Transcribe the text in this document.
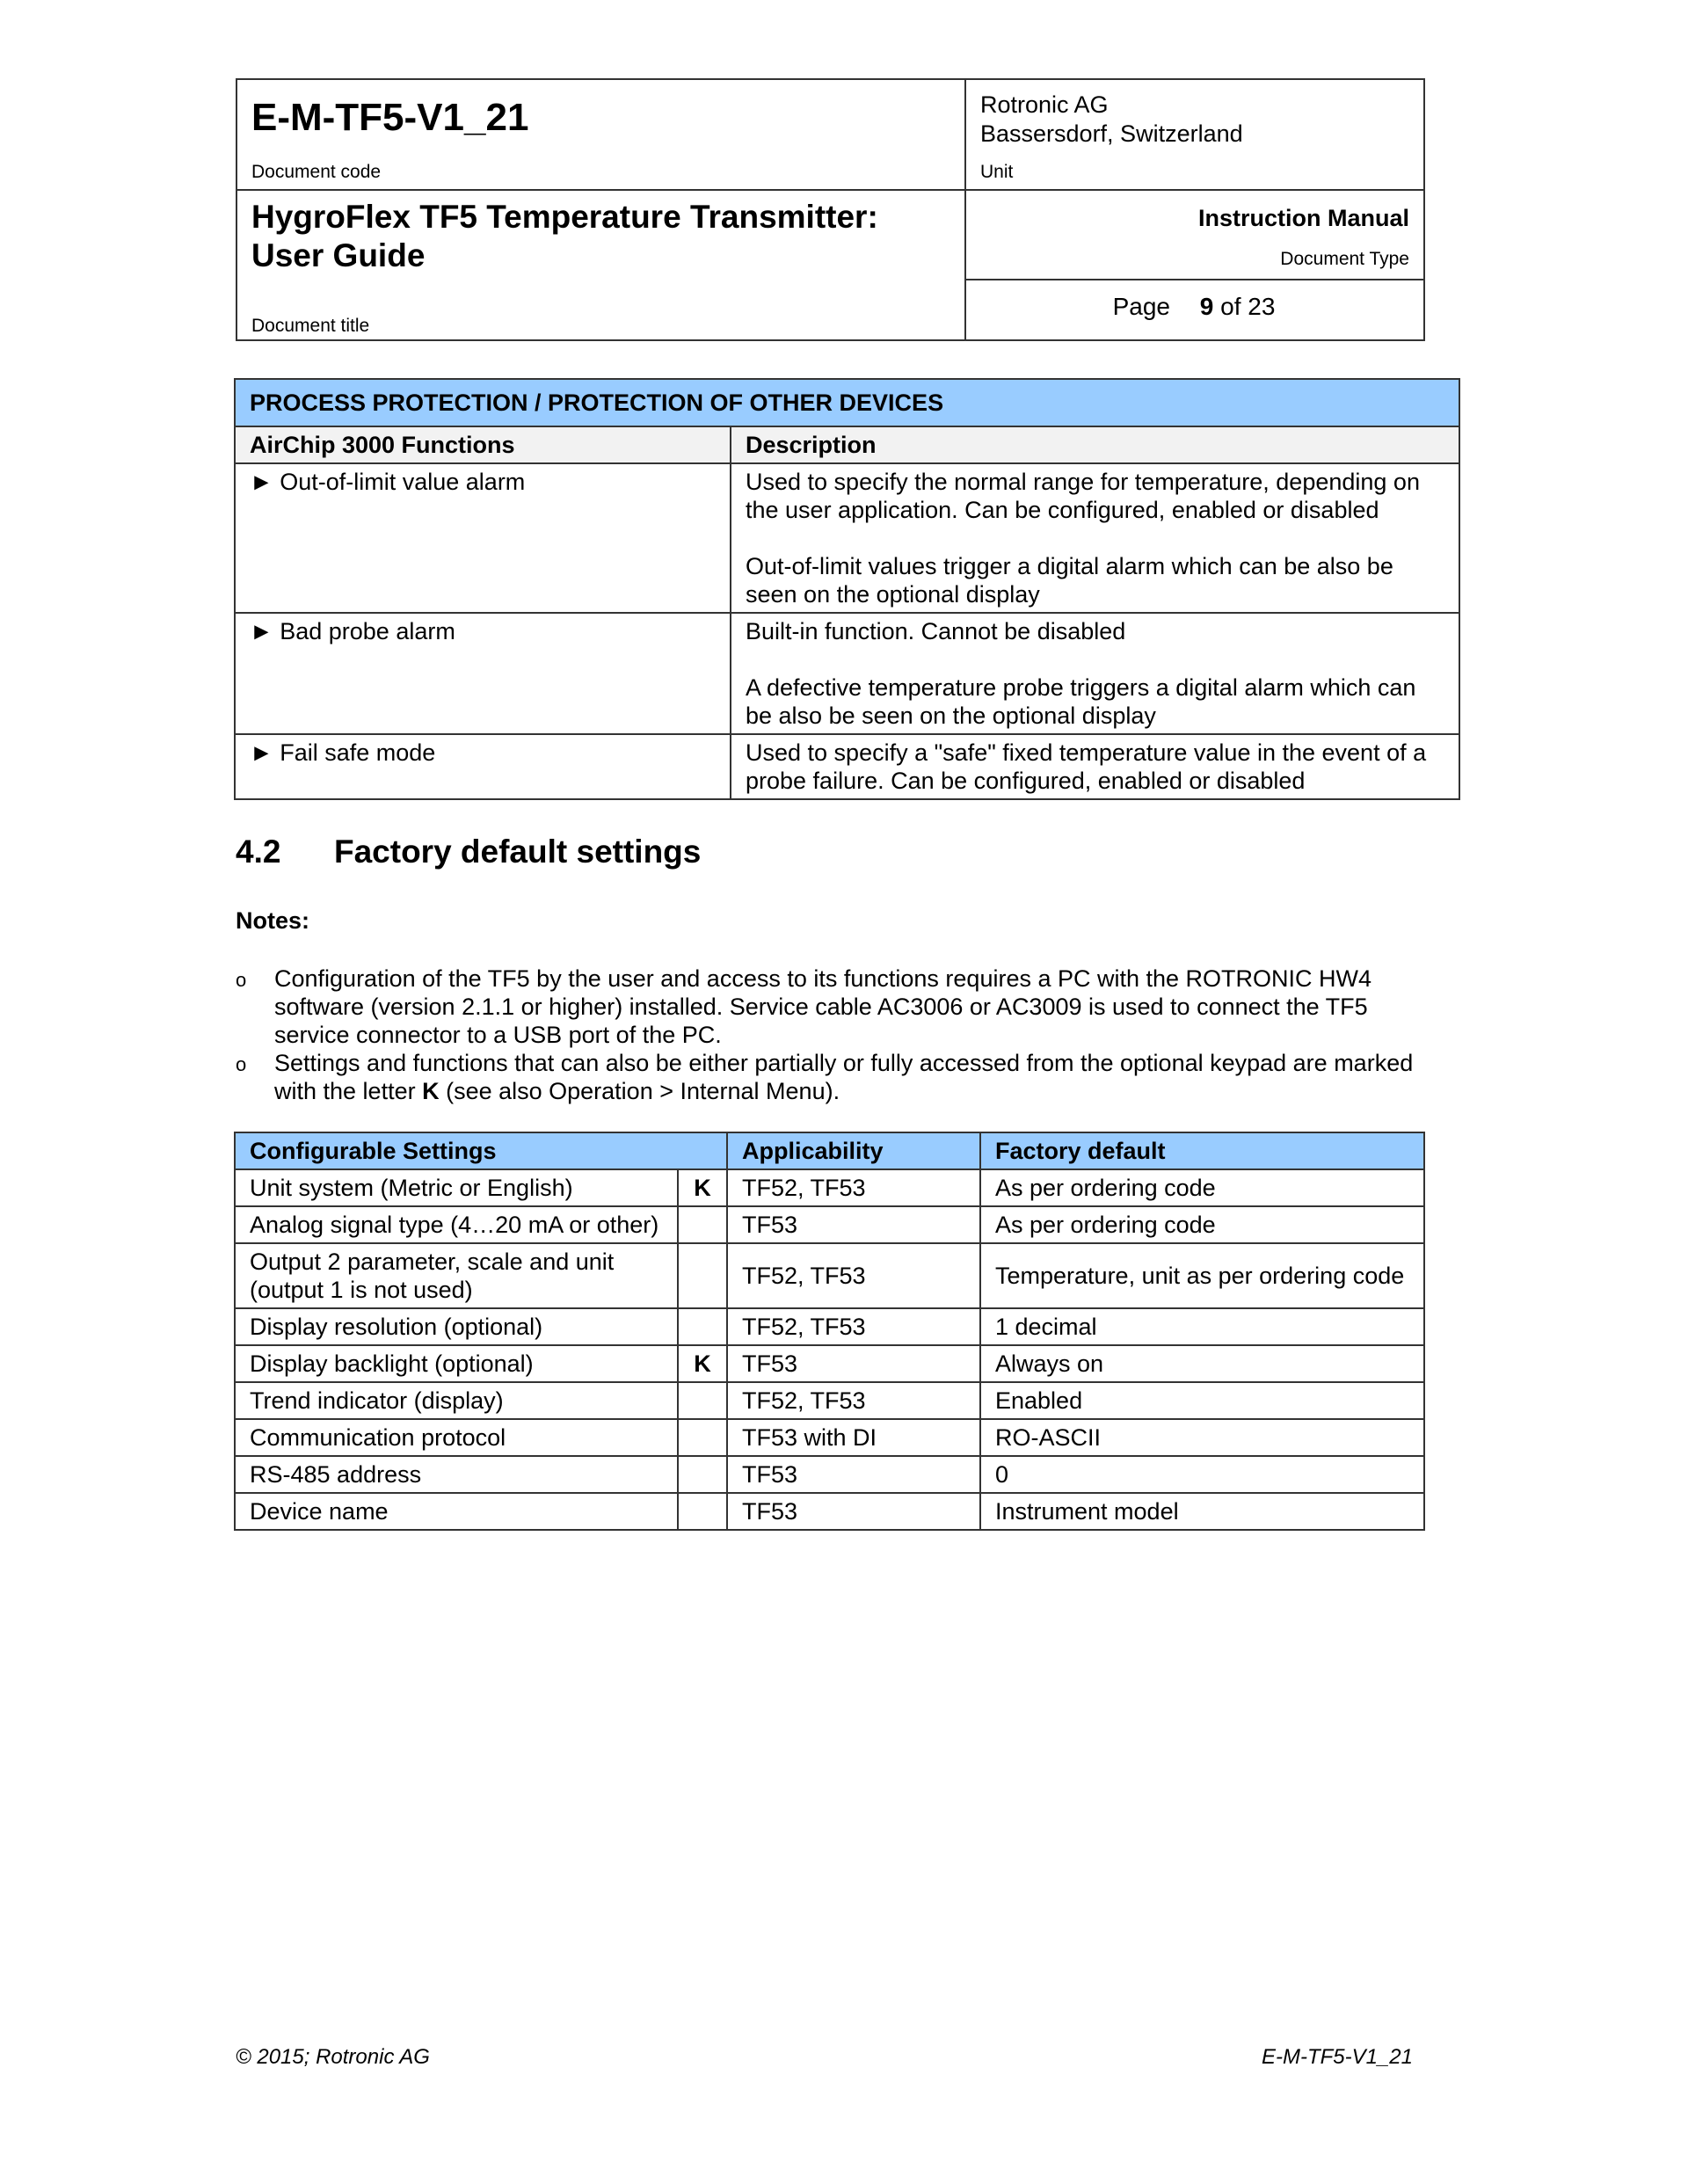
E-M-TF5-V1_21
Document code
HygroFlex TF5 Temperature Transmitter:
User Guide
Document title
Rotronic AG
Bassersdorf, Switzerland
Unit
Instruction Manual
Document Type
Page 9 of 23
PROCESS PROTECTION / PROTECTION OF OTHER DEVICES	
AirChip 3000 Functions	Description
► Out-of-limit value alarm	Used to specify the normal range for temperature, depending on the user application. Can be configured, enabled or disabled

Out-of-limit values trigger a digital alarm which can be also be seen on the optional display

► Bad probe alarm	Built-in function. Cannot be disabled

A defective temperature probe triggers a digital alarm which can be also be seen on the optional display

► Fail safe mode	Used to specify a "safe" fixed temperature value in the event of a probe failure. Can be configured, enabled or disabled

4.2 Factory default settings
Notes:
o Configuration of the TF5 by the user and access to its functions requires a PC with the ROTRONIC HW4 software (version 2.1.1 or higher) installed. Service cable AC3006 or AC3009 is used to connect the TF5 service connector to a USB port of the PC.
o Settings and functions that can also be either partially or fully accessed from the optional keypad are marked with the letter K (see also Operation > Internal Menu).
Configurable Settings		Applicability	Factory default
Unit system (Metric or English)	K	TF52, TF53	As per ordering code
Analog signal type (4…20 mA or other)		TF53	As per ordering code
Output 2 parameter, scale and unit (output 1 is not used)		TF52, TF53	Temperature, unit as per ordering code
Display resolution (optional)		TF52, TF53	1 decimal
Display backlight (optional)	K	TF53	Always on
Trend indicator (display)		TF52, TF53	Enabled
Communication protocol		TF53 with DI	RO-ASCII
RS-485 address		TF53	0
Device name		TF53	Instrument model
© 2015; Rotronic AG	E-M-TF5-V1_21
